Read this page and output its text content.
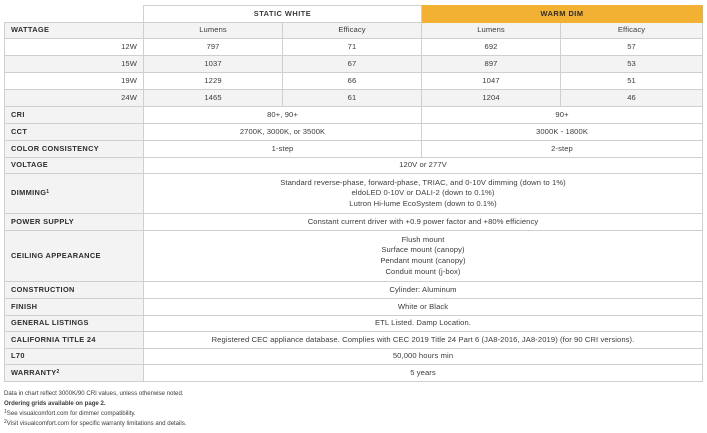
	STATIC WHITE		WARM DIM	
WATTAGE	Lumens	Efficacy	Lumens	Efficacy
12W	797	71	692	57
15W	1037	67	897	53
19W	1229	66	1047	51
24W	1465	61	1204	46
CRI	80+, 90+		90+	
CCT	2700K, 3000K, or 3500K		3000K - 1800K	
COLOR CONSISTENCY	1-step		2-step	
VOLTAGE	120V or 277V			
DIMMING$^1$	Standard reverse-phase, forward-phase, TRIAC, and 0-10V dimming (down to 1%)
eldoLED 0-10V or DALI-2 (down to 0.1%)
Lutron Hi-lume EcoSystem (down to 0.1%)			

POWER SUPPLY	Constant current driver with +0.9 power factor and +80% efficiency			
CEILING APPEARANCE	Flush mount
Surface mount (canopy)
Pendant mount (canopy)
Conduit mount (j-box)			

CONSTRUCTION	Cylinder: Aluminum			
FINISH	White or Black			
GENERAL LISTINGS	ETL Listed. Damp Location.			
CALIFORNIA TITLE 24	Registered CEC appliance database. Complies with CEC 2019 Title 24 Part 6 (JA8-2016, JA8-2019) (for 90 CRI versions).			
L70	50,000 hours min			
WARRANTY$^2$	5 years			
Data in chart reflect 3000K/90 CRI values, unless otherwise noted.
Ordering grids available on page 2.
$^1$See visualcomfort.com for dimmer compatibility.
$^2$Visit visualcomfort.com for specific warranty limitations and details.
